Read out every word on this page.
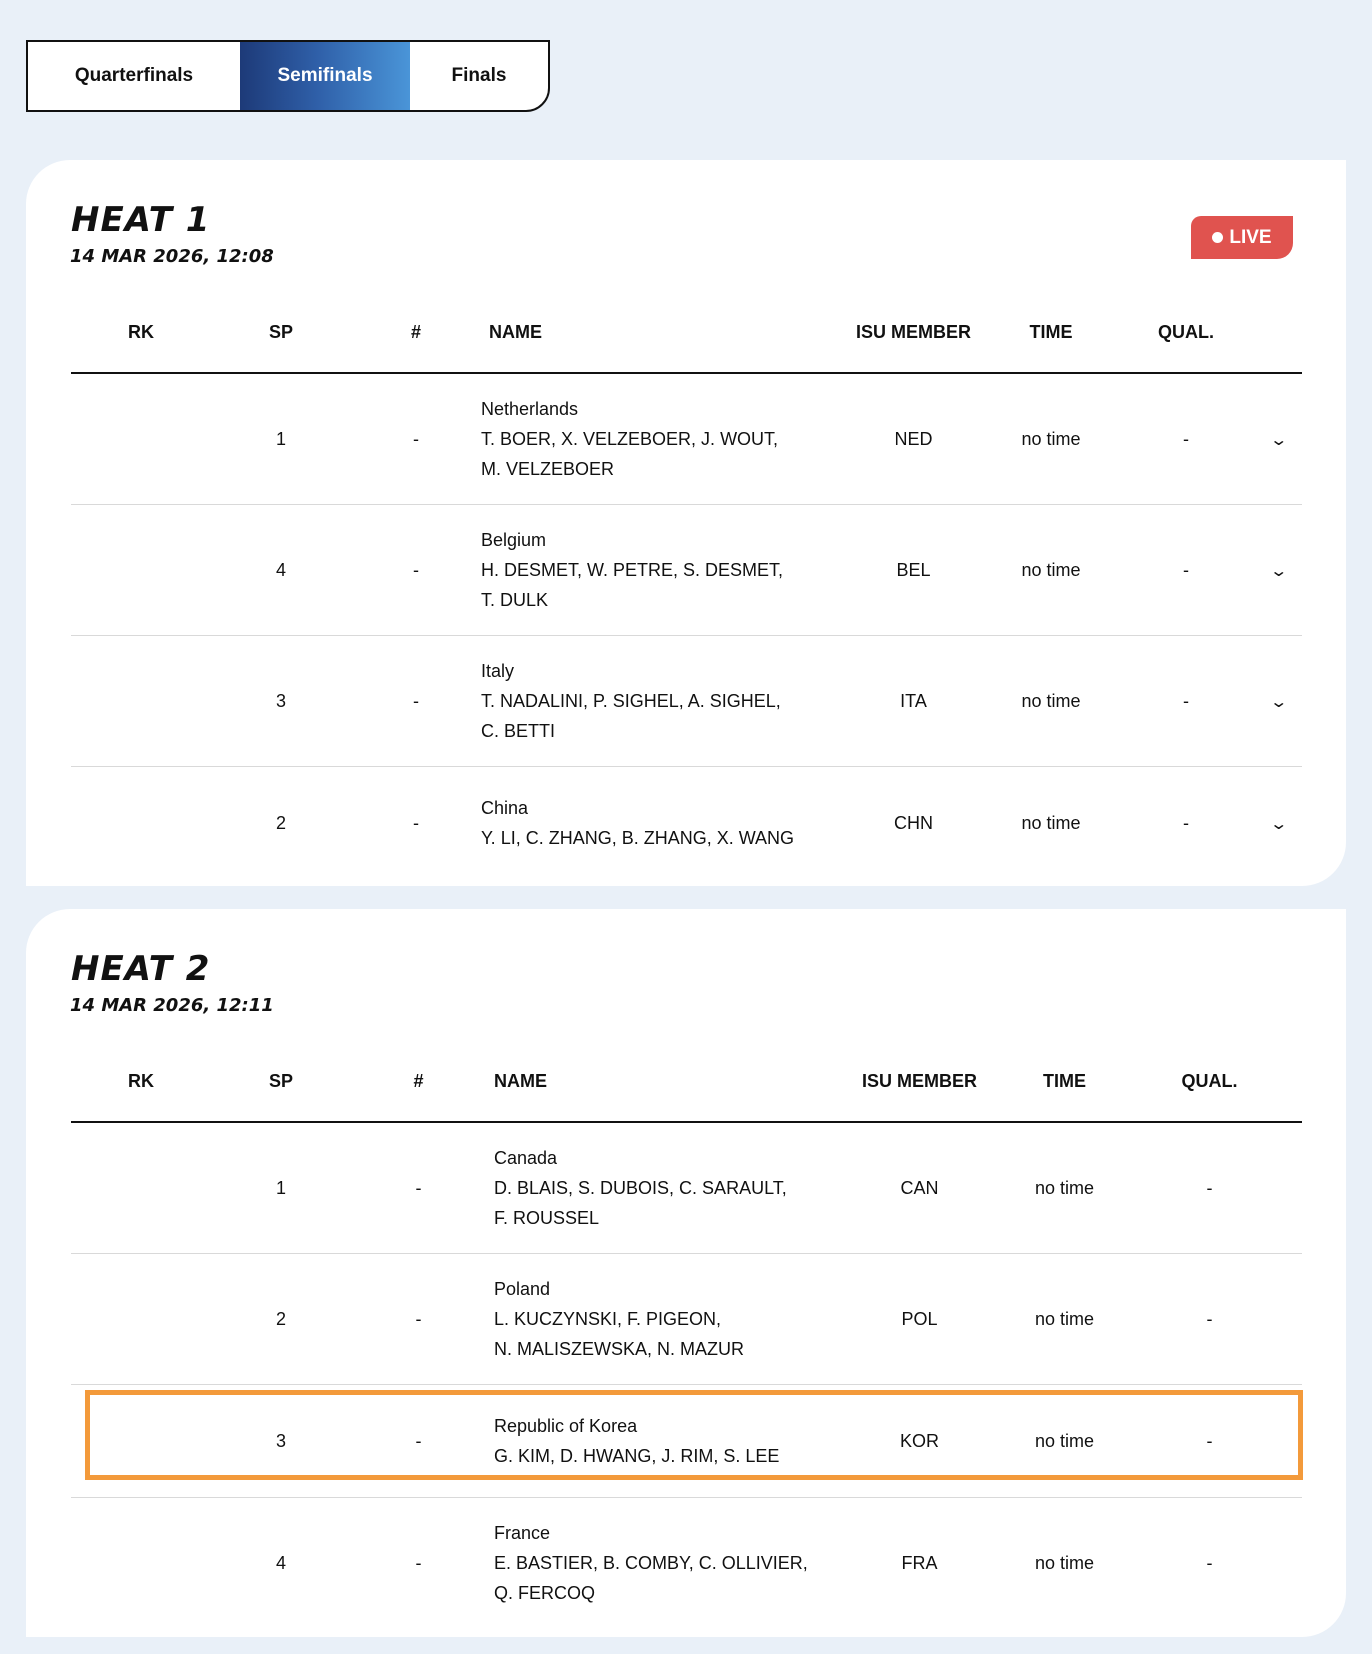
Quarterfinals	Semifinals	Finals
HEAT 1
14 MAR 2026, 12:08
LIVE
RK	SP	#	NAME	ISU MEMBER	TIME	QUAL.	
	1	-	Netherlands
T. BOER, X. VELZEBOER, J. WOUT,
M. VELZEBOER	NED	no time	-	⌄
	4	-	Belgium
H. DESMET, W. PETRE, S. DESMET,
T. DULK	BEL	no time	-	⌄
	3	-	Italy
T. NADALINI, P. SIGHEL, A. SIGHEL,
C. BETTI	ITA	no time	-	⌄
	2	-	China
Y. LI, C. ZHANG, B. ZHANG, X. WANG	CHN	no time	-	⌄
HEAT 2
14 MAR 2026, 12:11
RK	SP	#	NAME	ISU MEMBER	TIME	QUAL.	
	1	-	Canada
D. BLAIS, S. DUBOIS, C. SARAULT,
F. ROUSSEL	CAN	no time	-	
	2	-	Poland
L. KUCZYNSKI, F. PIGEON,
N. MALISZEWSKA, N. MAZUR	POL	no time	-	
	3	-	Republic of Korea
G. KIM, D. HWANG, J. RIM, S. LEE	KOR	no time	-	
	4	-	France
E. BASTIER, B. COMBY, C. OLLIVIER,
Q. FERCOQ	FRA	no time	-	
